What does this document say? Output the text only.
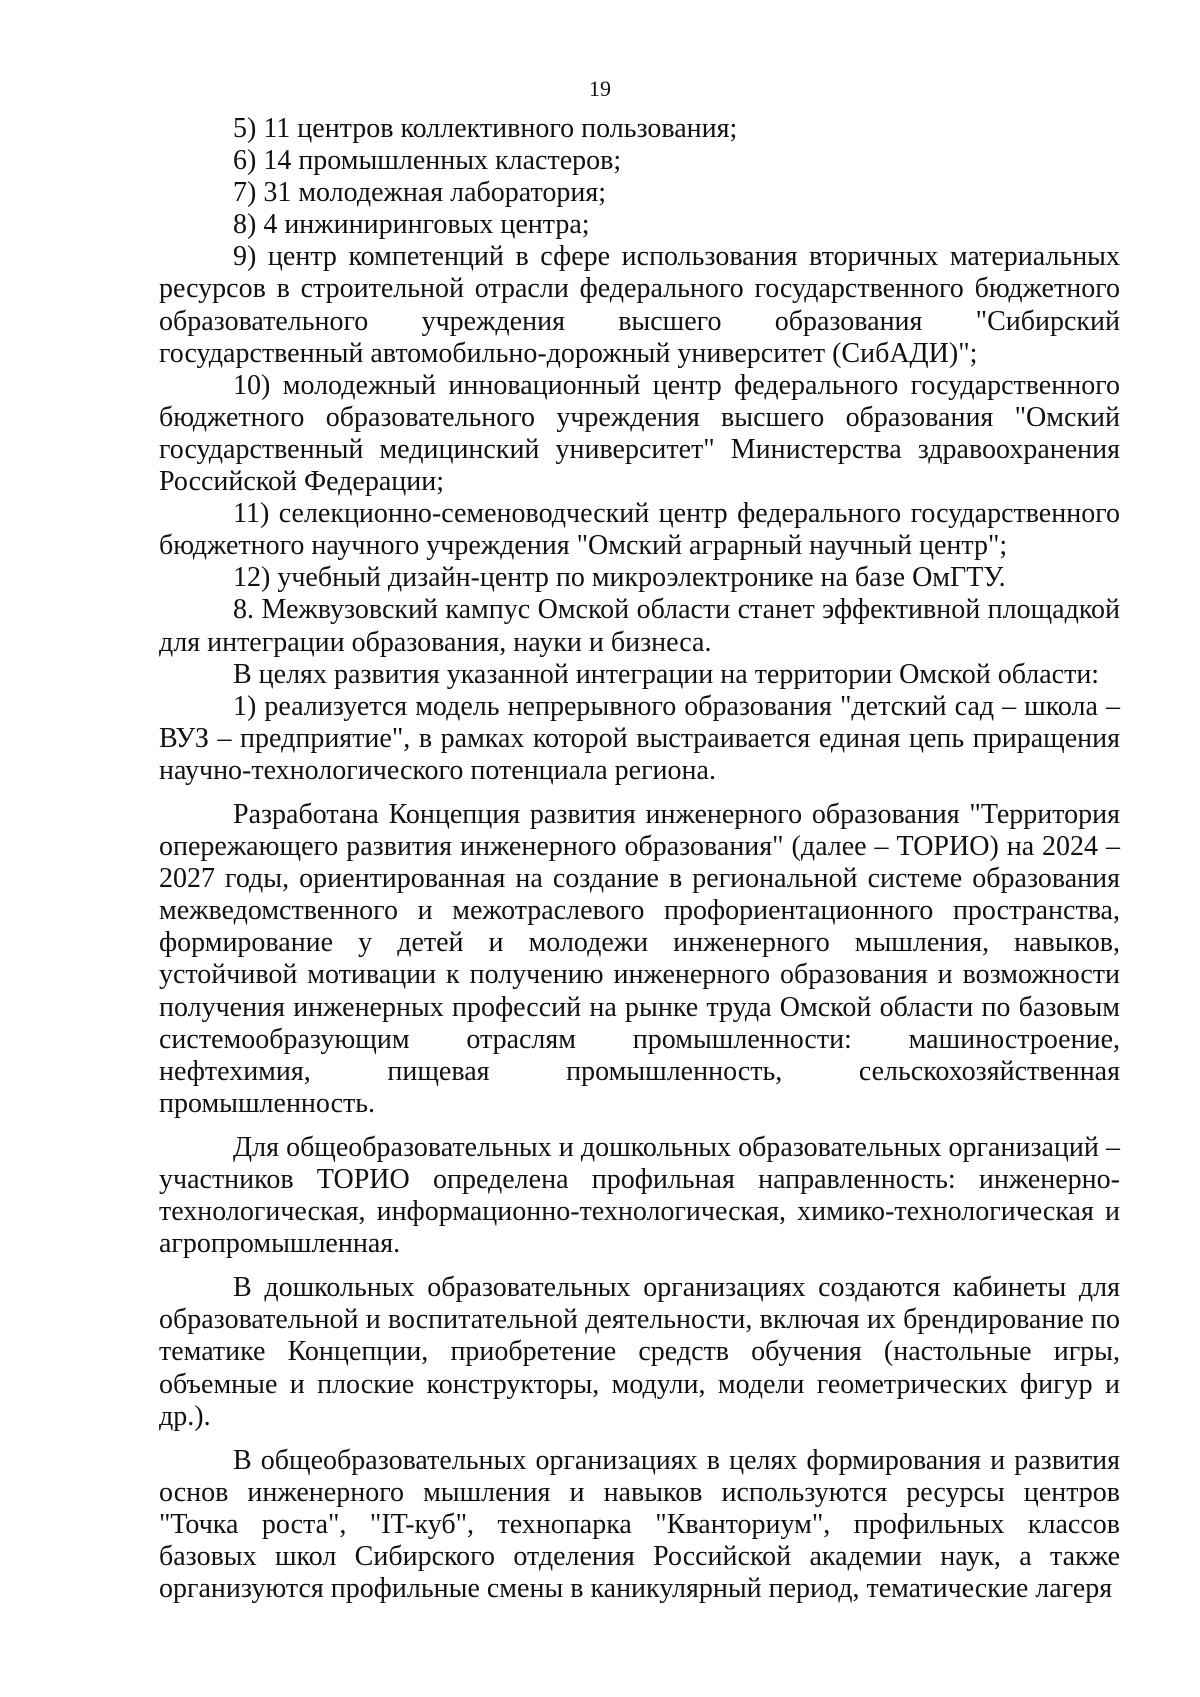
19

5) 11 центров коллективного пользования;

6) 14 промышленных кластеров;

7) 31 молодежная лаборатория;

8) 4 инжиниринговых центра;

9) центр компетенций в сфере использования вторичных материальных ресурсов в строительной отрасли федерального государственного бюджетного образовательного учреждения высшего образования "Сибирский государственный автомобильно-дорожный университет (СибАДИ)";

10) молодежный инновационный центр федерального государственного бюджетного образовательного учреждения высшего образования "Омский государственный медицинский университет" Министерства здравоохранения Российской Федерации;

11) селекционно-семеноводческий центр федерального государственного бюджетного научного учреждения "Омский аграрный научный центр";

12) учебный дизайн-центр по микроэлектронике на базе ОмГТУ.

8. Межвузовский кампус Омской области станет эффективной площадкой для интеграции образования, науки и бизнеса.

В целях развития указанной интеграции на территории Омской области:

1) реализуется модель непрерывного образования "детский сад – школа – ВУЗ – предприятие", в рамках которой выстраивается единая цепь приращения научно-технологического потенциала региона.

Разработана Концепция развития инженерного образования "Территория опережающего развития инженерного образования" (далее – ТОРИО) на 2024 – 2027 годы, ориентированная на создание в региональной системе образования межведомственного и межотраслевого профориентационного пространства, формирование у детей и молодежи инженерного мышления, навыков, устойчивой мотивации к получению инженерного образования и возможности получения инженерных профессий на рынке труда Омской области по базовым системообразующим отраслям промышленности: машиностроение, нефтехимия, пищевая промышленность, сельскохозяйственная промышленность.

Для общеобразовательных и дошкольных образовательных организаций – участников ТОРИО определена профильная направленность: инженерно-технологическая, информационно-технологическая, химико-технологическая и агропромышленная.

В дошкольных образовательных организациях создаются кабинеты для образовательной и воспитательной деятельности, включая их брендирование по тематике Концепции, приобретение средств обучения (настольные игры, объемные и плоские конструкторы, модули, модели геометрических фигур и др.).

В общеобразовательных организациях в целях формирования и развития основ инженерного мышления и навыков используются ресурсы центров "Точка роста", "IT-куб", технопарка "Кванториум", профильных классов базовых школ Сибирского отделения Российской академии наук, а также организуются профильные смены в каникулярный период, тематические лагеря
